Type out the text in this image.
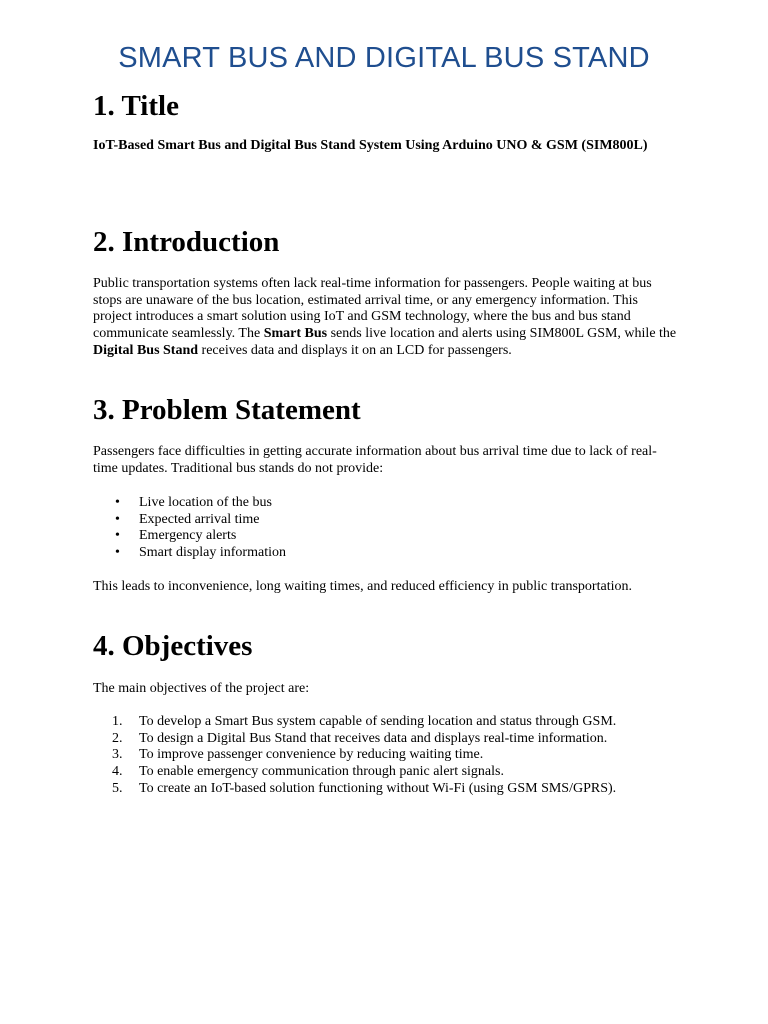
SMART BUS AND DIGITAL BUS STAND
1. Title

IoT-Based Smart Bus and Digital Bus Stand System Using Arduino UNO & GSM (SIM800L)

2. Introduction

Public transportation systems often lack real-time information for passengers. People waiting at bus stops are unaware of the bus location, estimated arrival time, or any emergency information. This project introduces a smart solution using IoT and GSM technology, where the bus and bus stand communicate seamlessly. The Smart Bus sends live location and alerts using SIM800L GSM, while the Digital Bus Stand receives data and displays it on an LCD for passengers.

3. Problem Statement

Passengers face difficulties in getting accurate information about bus arrival time due to lack of real-time updates. Traditional bus stands do not provide:

• Live location of the bus
• Expected arrival time
• Emergency alerts
• Smart display information

This leads to inconvenience, long waiting times, and reduced efficiency in public transportation.

4. Objectives

The main objectives of the project are:

1. To develop a Smart Bus system capable of sending location and status through GSM.
2. To design a Digital Bus Stand that receives data and displays real-time information.
3. To improve passenger convenience by reducing waiting time.
4. To enable emergency communication through panic alert signals.
5. To create an IoT-based solution functioning without Wi-Fi (using GSM SMS/GPRS).
